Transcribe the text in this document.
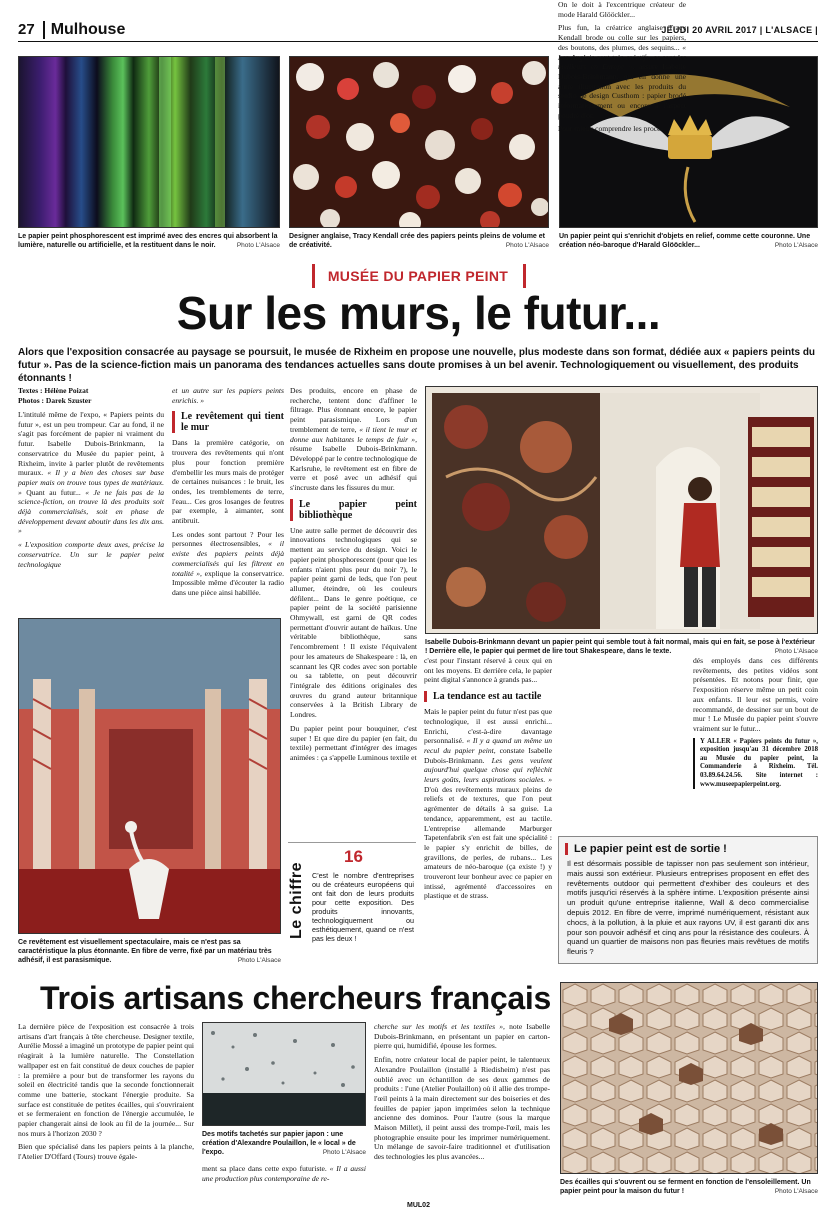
27	Mulhouse	JEUDI 20 AVRIL 2017 | L'ALSACE |
Le papier peint phosphorescent est imprimé avec des encres qui absorbent la lumière, naturelle ou artificielle, et la restituent dans le noir.	Photo L'Alsace
Designer anglaise, Tracy Kendall crée des papiers peints pleins de volume et de créativité.	Photo L'Alsace
Un papier peint qui s'enrichit d'objets en relief, comme cette couronne. Une création néo-baroque d'Harald Glööckler...	Photo L'Alsace
MUSÉE DU PAPIER PEINT
Sur les murs, le futur...
Alors que l'exposition consacrée au paysage se poursuit, le musée de Rixheim en propose une nouvelle, plus modeste dans son format, dédiée aux « papiers peints du futur ». Pas de la science-fiction mais un panorama des tendances actuelles sans doute promises à un bel avenir. Technologiquement ou visuellement, des produits étonnants !
Textes : Hélène Poizat
Photos : Darek Szuster

L'intitulé même de l'expo, « Papiers peints du futur », est un peu trompeur. Car au fond, il ne s'agit pas forcément de papier ni vraiment du futur. Isabelle Dubois-Brinkmann, la conservatrice du Musée du papier peint, à Rixheim, invite à parler plutôt de revêtements muraux. « Il y a bien des choses sur base papier mais on trouve tous types de matériaux. » Quant au futur... « Je ne fais pas de la science-fiction, on trouve là des produits soit déjà commercialisés, soit en phase de développement devant aboutir dans les dix ans. »

« L'exposition comporte deux axes, précise la conservatrice. Un sur le papier peint technologique

et un autre sur les papiers peints enrichis. »

Le revêtement qui tient le mur

Dans la première catégorie, on trouvera des revêtements qui n'ont plus pour fonction première d'embellir les murs mais de protéger de certaines nuisances : le bruit, les ondes, les tremblements de terre, l'eau... Ces gros losanges de feutres par exemple, à aimanter, sont antibruit.

Les ondes sont partout ? Pour les personnes électrosensibles, « il existe des papiers peints déjà commercialisés qui les filtrent en totalité », explique la conservatrice. Impossible même d'écouter la radio dans une pièce ainsi habillée.

Des produits, encore en phase de recherche, tentent donc d'affiner le filtrage. Plus étonnant encore, le papier peint parasismique. Lors d'un tremblement de terre, « il tient le mur et donne aux habitants le temps de fuir », résume Isabelle Dubois-Brinkmann. Développé par le centre technologique de Karlsruhe, le revêtement est en fibre de verre et posé avec un adhésif qui s'incruste dans les fissures du mur.

Le papier peint bibliothèque

Une autre salle permet de découvrir des innovations technologiques qui se mettent au service du design. Voici le papier peint phosphorescent (pour que les enfants n'aient plus peur du noir ?), le papier peint garni de leds, que l'on peut allumer, éteindre, où les couleurs défilent... Dans le genre poétique, ce papier peint de la société parisienne Ohmywall, est garni de QR codes permettant d'ouvrir autant de haïkus. Une véritable bibliothèque, sans l'encombrement ! Il existe l'équivalent pour les amateurs de Shakespeare : là, en scannant les QR codes avec son portable ou sa tablette, on peut découvrir l'intégrale des éditions originales des œuvres du grand auteur britannique conservées à la British Library de Londres.

Du papier peint pour bouquiner, c'est super ! Et que dire du papier (en fait, du textile) permettant d'intégrer des images animées : ça s'appelle Luminous textile et

Isabelle Dubois-Brinkmann devant un papier peint qui semble tout à fait normal, mais qui en fait, se pose à l'extérieur ! Derrière elle, le papier qui permet de lire tout Shakespeare, dans le texte.	Photo L'Alsace
Ce revêtement est visuellement spectaculaire, mais ce n'est pas sa caractéristique la plus étonnante. En fibre de verre, fixé par un matériau très adhésif, il est parasismique.	Photo L'Alsace
Le chiffre
16
C'est le nombre d'entreprises ou de créateurs européens qui ont fait don de leurs produits pour cette exposition. Des produits innovants, technologiquement ou esthétiquement, quand ce n'est pas les deux !

c'est pour l'instant réservé à ceux qui en ont les moyens. Et derrière cela, le papier peint digital s'annonce à grands pas...

La tendance est au tactile

Mais le papier peint du futur n'est pas que technologique, il est aussi enrichi... Enrichi, c'est-à-dire davantage personnalisé. « Il y a quand un même un recul du papier peint, constate Isabelle Dubois-Brinkmann. Les gens veulent aujourd'hui quelque chose qui reflèchit leurs goûts, leurs aspirations sociales. » D'où des revêtements muraux pleins de reliefs et de textures, que l'on peut agrémenter de détails à sa guise. La tendance, apparemment, est au tactile. L'entreprise allemande Marburger Tapetenfabrik s'en est fait une spécialité : le papier s'y enrichit de billes, de gravillons, de perles, de rubans... Les amateurs de néo-baroque (ça existe !) y trouveront leur bonheur avec ce papier en intissé, agrémenté d'accessoires en plastique et de strass.

On le doit à l'excentrique créateur de mode Harald Glööckler...

Plus fun, la créatrice anglaise Tracy Kendall brode ou colle sur les papiers, des boutons, des plumes, des sequins... « Les Anglais sont très créatifs, ce sont les meilleurs en Europe », assure Isabelle Dubois-Brinkmann, qui en donne une autre illustration avec les produits du studio de design Custhom : papier brodé informatiquement ou encore à l'aspect poudré d'or.

Pour mieux comprendre les procé-

dés employés dans ces différents revêtements, des petites vidéos sont présentées. Et notons pour finir, que l'exposition réserve même un petit coin aux enfants. Il leur est permis, voire recommandé, de dessiner sur un bout de mur ! Le Musée du papier peint s'ouvre vraiment sur le futur...

Y ALLER « Papiers peints du futur », exposition jusqu'au 31 décembre 2018 au Musée du papier peint, la Commanderie à Rixheim. Tél. 03.89.64.24.56. Site internet : www.museepapierpeint.org.
Le papier peint est de sortie !
Il est désormais possible de tapisser non pas seulement son intérieur, mais aussi son extérieur. Plusieurs entreprises proposent en effet des revêtements outdoor qui permettent d'exhiber des couleurs et des motifs jusqu'ici réservés à la sphère intime. L'exposition présente ainsi un produit qu'une entreprise italienne, Wall & deco commercialise depuis 2012. En fibre de verre, imprimé numériquement, résistant aux chocs, à la pollution, à la pluie et aux rayons UV, il est garanti dix ans pour son pouvoir adhésif et cinq ans pour la résistance des couleurs. À quand un quartier de maisons non pas fleuries mais revêtues de motifs fleuris ?
Trois artisans chercheurs français

La dernière pièce de l'exposition est consacrée à trois artisans d'art français à tête chercheuse. Designer textile, Aurélie Mossé a imaginé un prototype de papier peint qui réagirait à la lumière naturelle. The Constellation wallpaper est en fait constitué de deux couches de papier : la première a pour but de transformer les rayons du soleil en électricité tandis que la seconde fonctionnerait comme une batterie, stockant l'énergie produite. Sa surface est constituée de petites écailles, qui s'ouvriraient et se fermeraient en fonction de l'énergie accumulée, le papier changerait ainsi de look au fil de la journée... Sur nos murs à l'horizon 2030 ?

Bien que spécialisé dans les papiers peints à la planche, l'Atelier D'Offard (Tours) trouve égale-

Des motifs tachetés sur papier japon : une création d'Alexandre Poulaillon, le « local » de l'expo.	Photo L'Alsace

ment sa place dans cette expo futuriste. « Il a aussi une production plus contemporaine de re-

cherche sur les motifs et les textiles », note Isabelle Dubois-Brinkmann, en présentant un papier en carton-pierre qui, humidifié, épouse les formes.

Enfin, notre créateur local de papier peint, le talentueux Alexandre Poulaillon (installé à Riedisheim) n'est pas oublié avec un échantillon de ses deux gammes de produits : l'une (Atelier Poulaillon) où il allie des trompe-l'œil peints à la main directement sur des boiseries et des feuilles de papier japon imprimées selon la technique ancienne des dominos. Pour l'autre (sous la marque Maison Millet), il peint aussi des trompe-l'œil, mais les photographie ensuite pour les imprimer numériquement. Un mélange de savoir-faire traditionnel et d'utilisation des technologies les plus avancées...

Des écailles qui s'ouvrent ou se ferment en fonction de l'ensoleillement. Un papier peint pour la maison du futur !	Photo L'Alsace
MUL02
